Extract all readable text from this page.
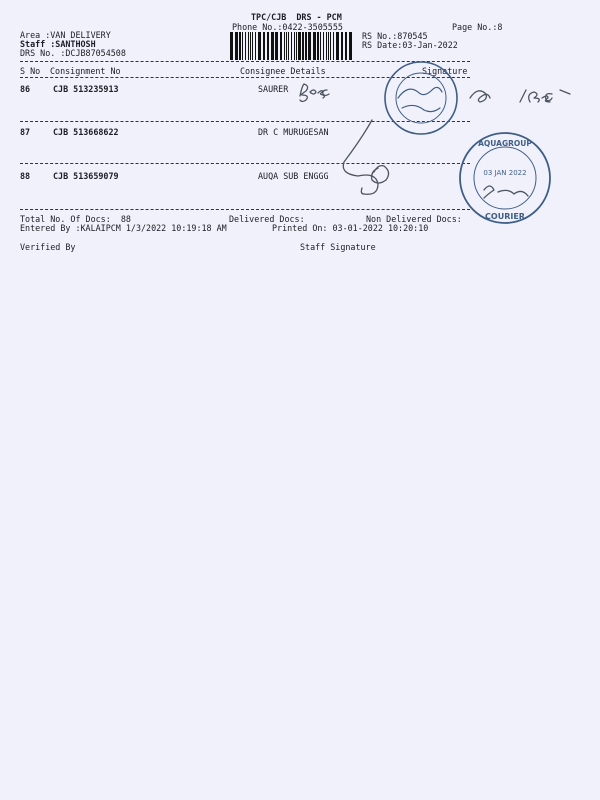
TPC/CJB  DRS - PCM
Phone No.:0422-3505555	Page No.:8
Area :VAN DELIVERY
Staff :SANTHOSH
DRS No. :DCJB87054508
RS No.:870545
RS Date:03-Jan-2022
S No Consignment No	Consignee Details	Signature
86	CJB 513235913	SAURER
87	CJB 513668622	DR C MURUGESAN
88	CJB 513659079	AUQA SUB ENGGG
Total No. Of Docs:  88	Delivered Docs:	Non Delivered Docs:
Entered By :KALAIPCM 1/3/2022 10:19:18 AM	Printed On: 03-01-2022 10:20:10
Verified By	Staff Signature
AQUAGROUP
COURIER
03 JAN 2022
